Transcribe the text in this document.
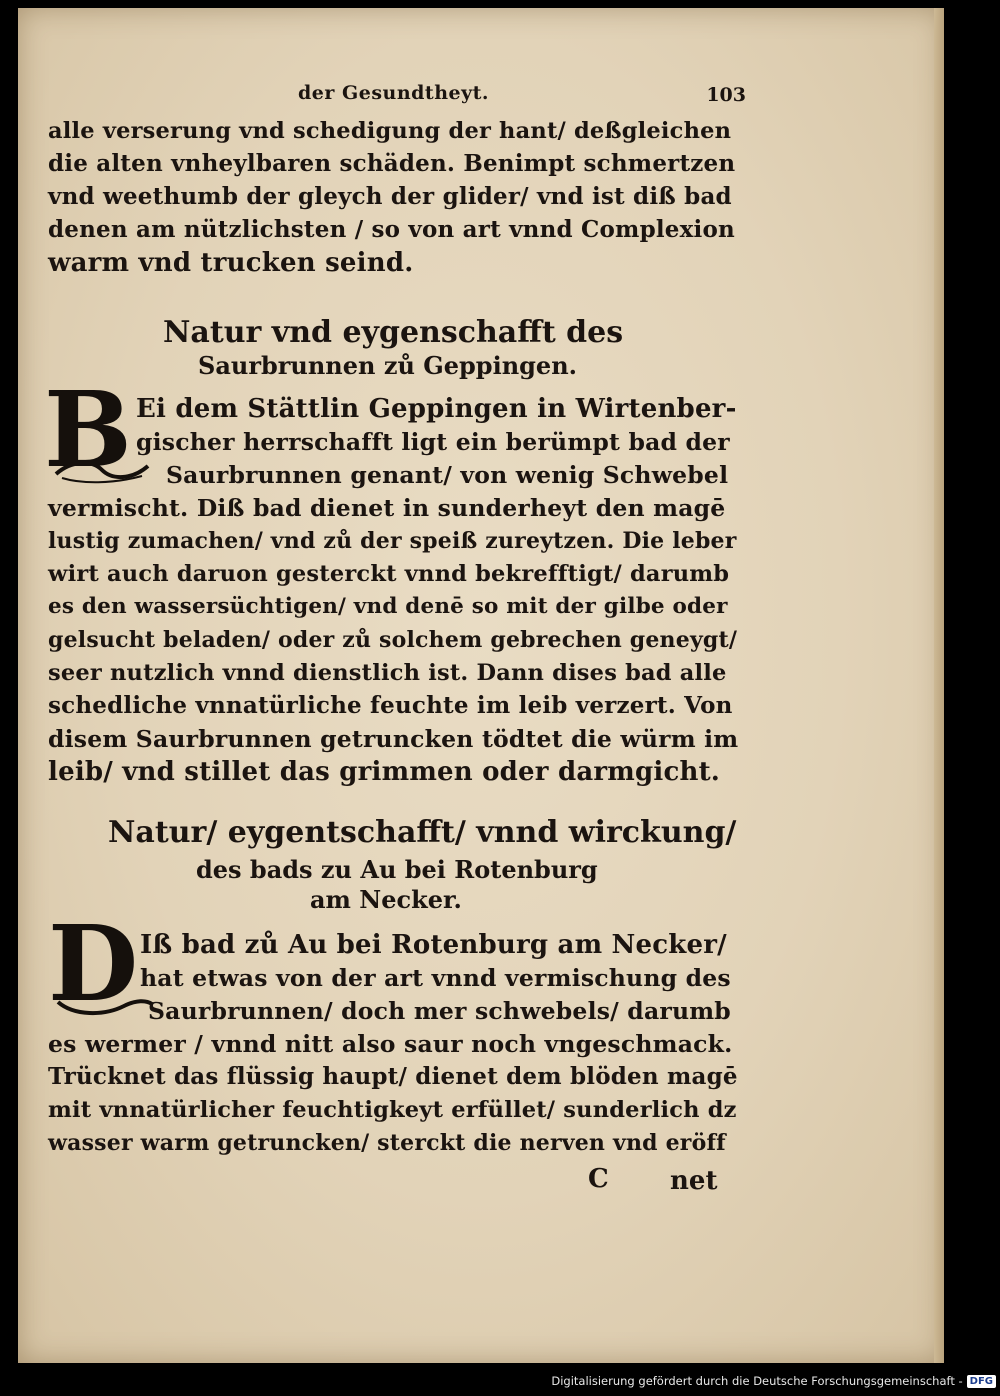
der Gesundtheyt.	103
alle verserung vnd schedigung der hant/ deßgleichen
die alten vnheylbaren schäden. Benimpt schmertzen
vnd weethumb der gleych der glider/ vnd ist diß bad
denen am nützlichsten / so von art vnnd Complexion
warm vnd trucken seind.
Natur vnd eygenschafft des
Saurbrunnen zů Geppingen.
B Ei dem Stättlin Geppingen in Wirtenber-
gischer herrschafft ligt ein berümpt bad der
Saurbrunnen genant/ von wenig Schwebel
vermischt. Diß bad dienet in sunderheyt den magē
lustig zumachen/ vnd zů der speiß zureytzen. Die leber
wirt auch daruon gesterckt vnnd bekrefftigt/ darumb
es den wassersüchtigen/ vnd denē so mit der gilbe oder
gelsucht beladen/ oder zů solchem gebrechen geneygt/
seer nutzlich vnnd dienstlich ist. Dann dises bad alle
schedliche vnnatürliche feuchte im leib verzert. Von
disem Saurbrunnen getruncken tödtet die würm im
leib/ vnd stillet das grimmen oder darmgicht.
Natur/ eygentschafft/ vnnd wirckung/
des bads zu Au bei Rotenburg
am Necker.
D Iß bad zů Au bei Rotenburg am Necker/
hat etwas von der art vnnd vermischung des
Saurbrunnen/ doch mer schwebels/ darumb
es wermer / vnnd nitt also saur noch vngeschmack.
Trücknet das flüssig haupt/ dienet dem blöden magē
mit vnnatürlicher feuchtigkeyt erfüllet/ sunderlich dz
wasser warm getruncken/ sterckt die nerven vnd eröff
C net
Digitalisierung gefördert durch die Deutsche Forschungsgemeinschaft - DFG
